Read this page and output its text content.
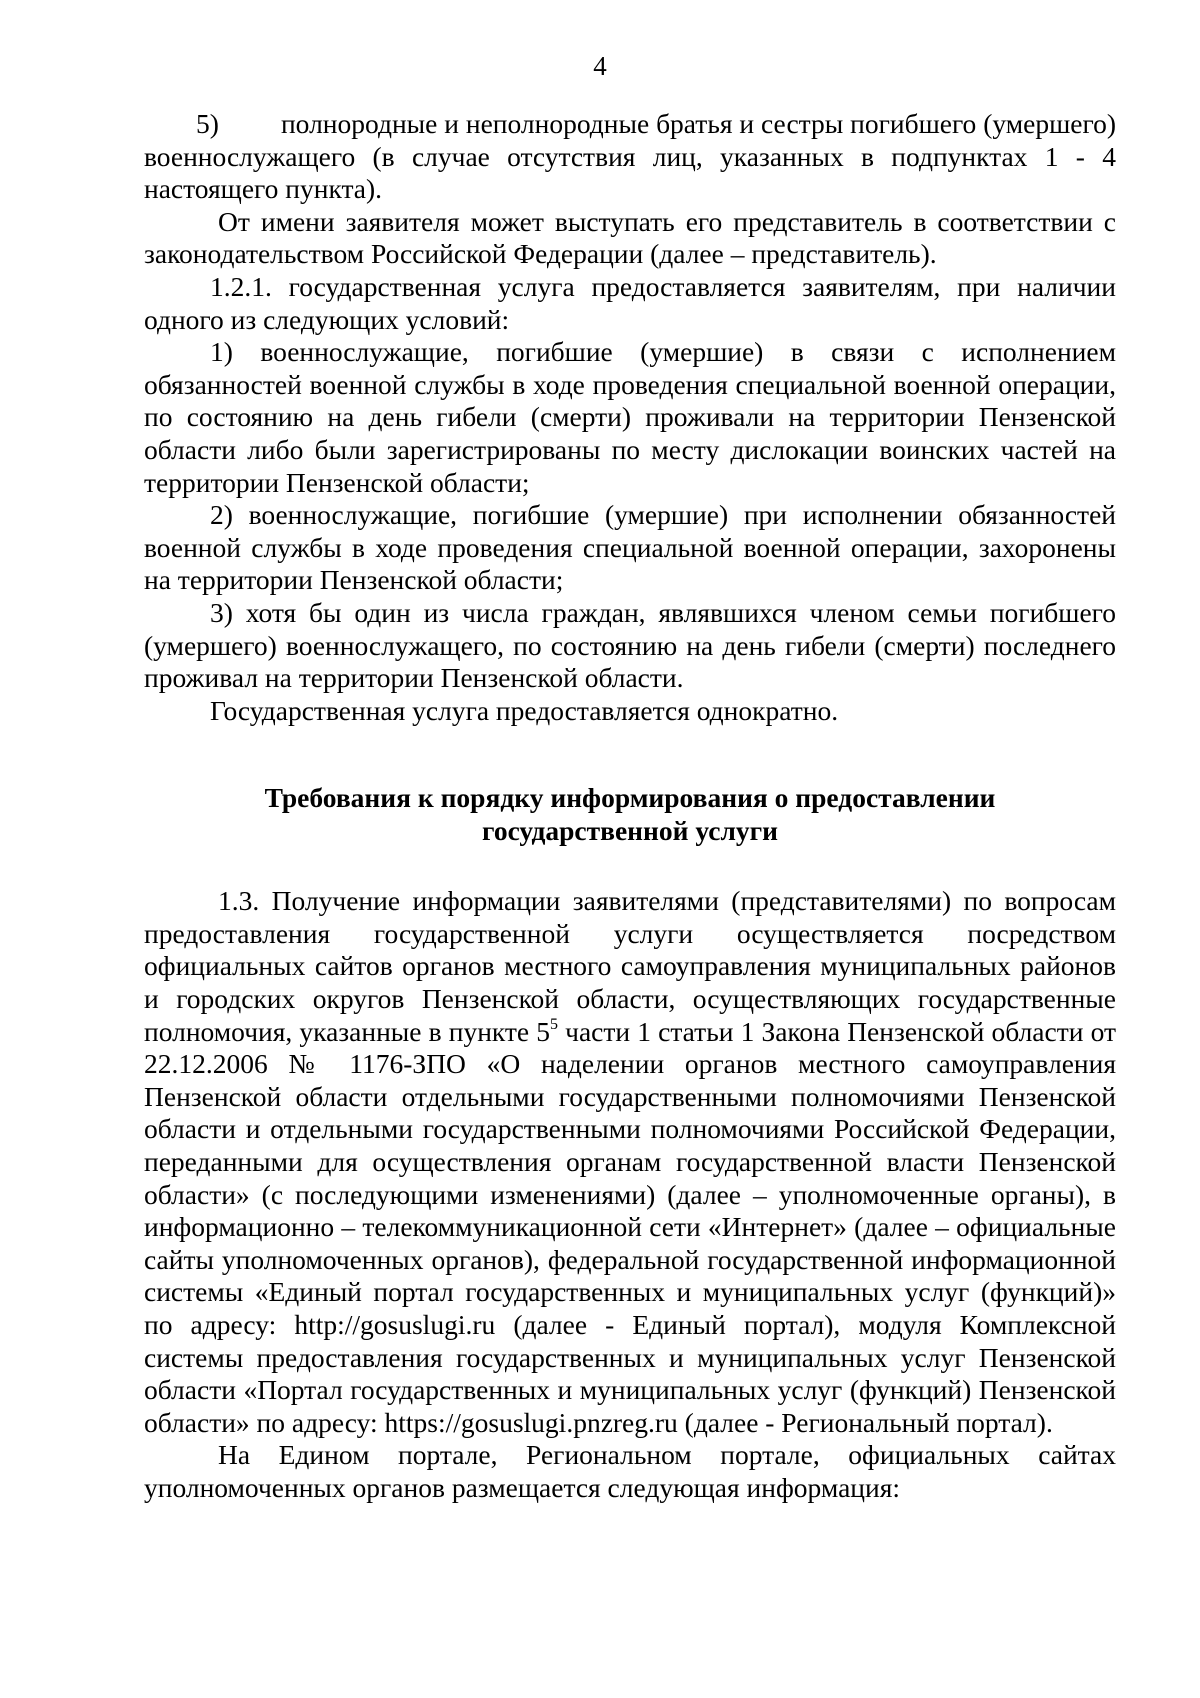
4

5)         полнородные и неполнородные братья и сестры погибшего (умершего) военнослужащего (в случае отсутствия лиц, указанных в подпунктах 1 - 4 настоящего пункта).

От имени заявителя может выступать его представитель в соответствии с законодательством Российской Федерации (далее – представитель).

1.2.1. государственная услуга предоставляется заявителям, при наличии одного из следующих условий:

1) военнослужащие, погибшие (умершие) в связи с исполнением обязанностей военной службы в ходе проведения специальной военной операции, по состоянию на день гибели (смерти) проживали на территории Пензенской области либо были зарегистрированы по месту дислокации воинских частей на территории Пензенской области;

2) военнослужащие, погибшие (умершие) при исполнении обязанностей военной службы в ходе проведения специальной военной операции, захоронены на территории Пензенской области;

3) хотя бы один из числа граждан, являвшихся членом семьи погибшего (умершего) военнослужащего, по состоянию на день гибели (смерти) последнего проживал на территории Пензенской области.

Государственная услуга предоставляется однократно.

Требования к порядку информирования о предоставлении
государственной услуги

1.3. Получение информации заявителями (представителями) по вопросам предоставления государственной услуги осуществляется посредством официальных сайтов органов местного самоуправления муниципальных районов и городских округов Пензенской области, осуществляющих государственные полномочия, указанные в пункте $5^5$ части 1 статьи 1 Закона Пензенской области от 22.12.2006 № 1176-ЗПО «О наделении органов местного самоуправления Пензенской области отдельными государственными полномочиями Пензенской области и отдельными государственными полномочиями Российской Федерации, переданными для осуществления органам государственной власти Пензенской области» (с последующими изменениями) (далее – уполномоченные органы), в информационно – телекоммуникационной сети «Интернет» (далее – официальные сайты уполномоченных органов), федеральной государственной информационной системы «Единый портал государственных и муниципальных услуг (функций)» по адресу: http://gosuslugi.ru (далее - Единый портал), модуля Комплексной системы предоставления государственных и муниципальных услуг Пензенской области «Портал государственных и муниципальных услуг (функций) Пензенской области» по адресу: https://gosuslugi.pnzreg.ru (далее - Региональный портал).

На Едином портале, Региональном портале, официальных сайтах уполномоченных органов размещается следующая информация:
